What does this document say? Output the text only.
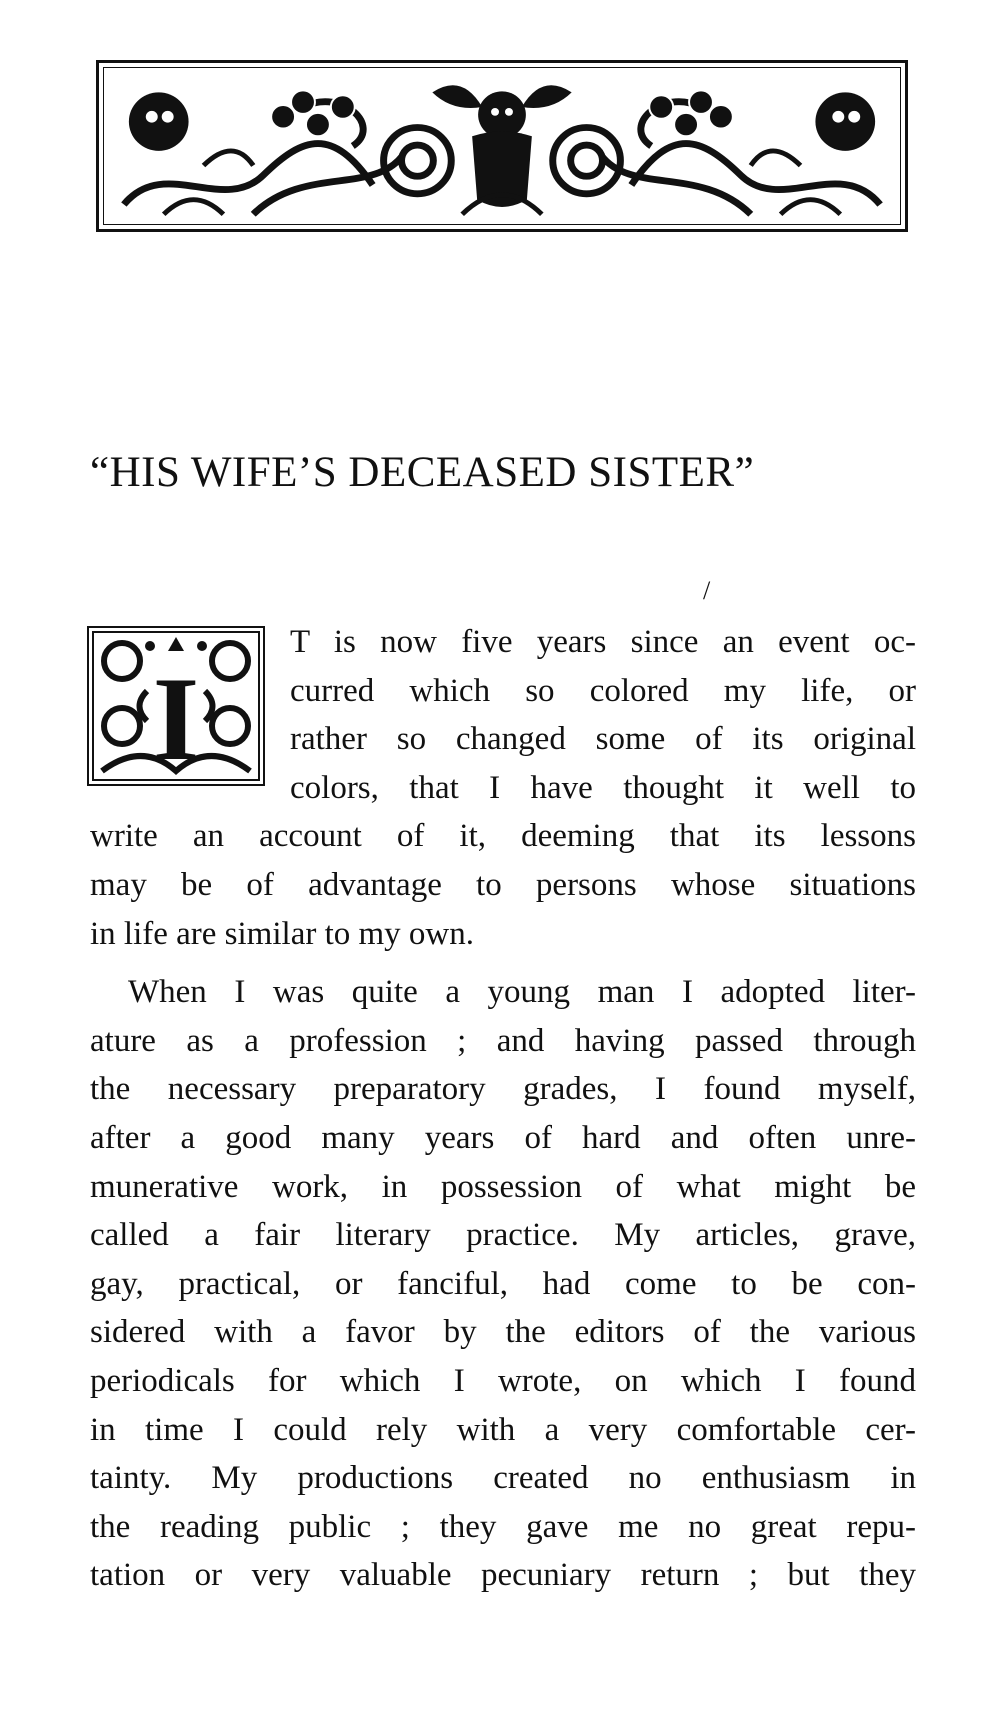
“HIS WIFE’S DECEASED SISTER”
/
I
T is now five years since an event oc-
curred which so colored my life, or
rather so changed some of its original
colors, that I have thought it well to
write an account of it, deeming that its lessons
may be of advantage to persons whose situations
in life are similar to my own.
When I was quite a young man I adopted liter-
ature as a profession ; and having passed through
the necessary preparatory grades, I found myself,
after a good many years of hard and often unre-
munerative work, in possession of what might be
called a fair literary practice. My articles, grave,
gay, practical, or fanciful, had come to be con-
sidered with a favor by the editors of the various
periodicals for which I wrote, on which I found
in time I could rely with a very comfortable cer-
tainty. My productions created no enthusiasm in
the reading public ; they gave me no great repu-
tation or very valuable pecuniary return ; but they
